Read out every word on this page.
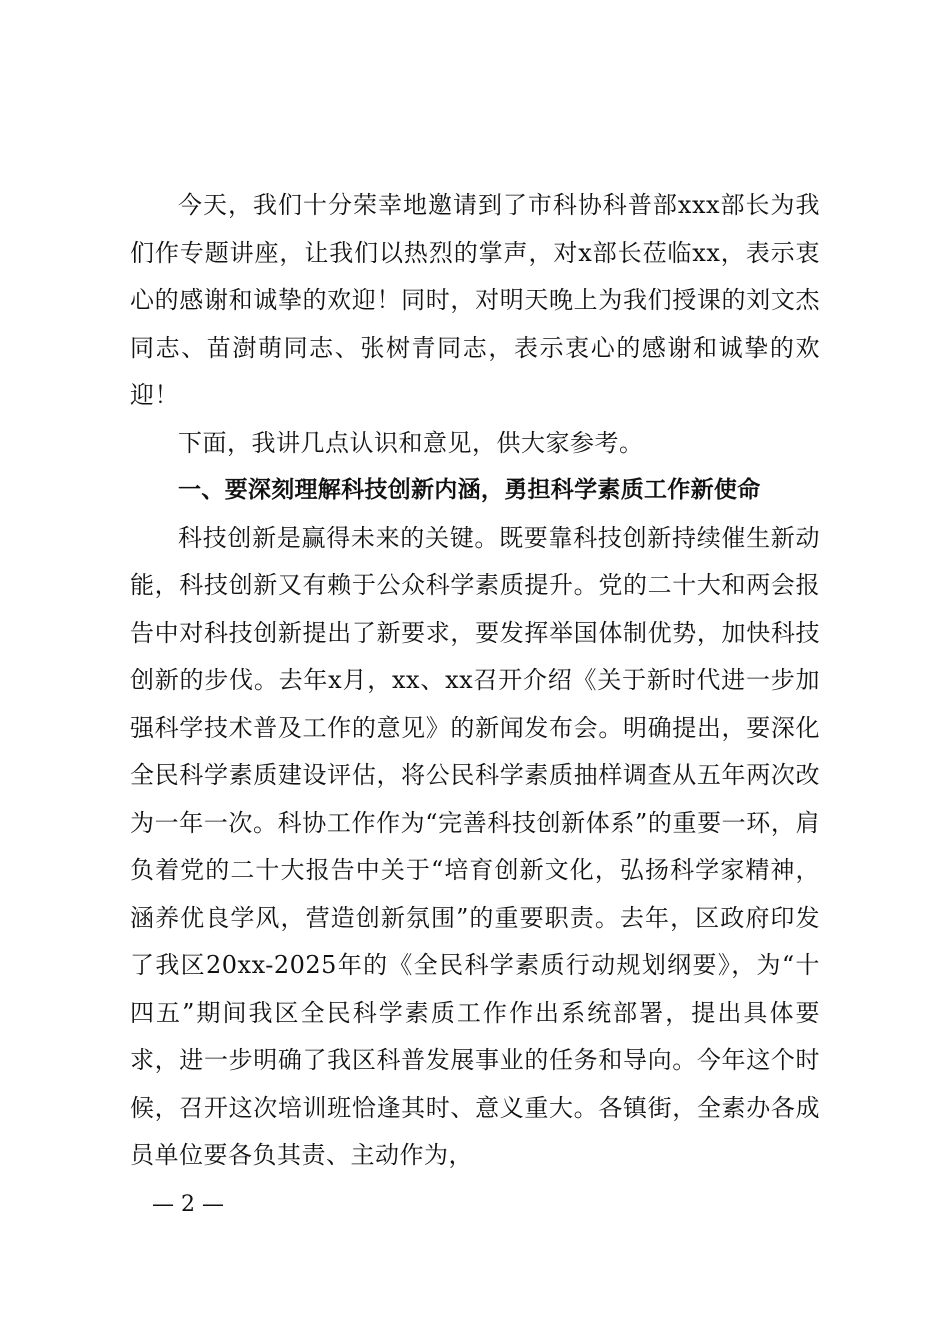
今天，我们十分荣幸地邀请到了市科协科普部xxx部长为我们作专题讲座，让我们以热烈的掌声，对x部长莅临xx，表示衷心的感谢和诚挚的欢迎！同时，对明天晚上为我们授课的刘文杰同志、苗澍萌同志、张树青同志，表示衷心的感谢和诚挚的欢迎！

下面，我讲几点认识和意见，供大家参考。

一、要深刻理解科技创新内涵，勇担科学素质工作新使命

科技创新是赢得未来的关键。既要靠科技创新持续催生新动能，科技创新又有赖于公众科学素质提升。党的二十大和两会报告中对科技创新提出了新要求，要发挥举国体制优势，加快科技创新的步伐。去年x月，xx、xx召开介绍《关于新时代进一步加强科学技术普及工作的意见》的新闻发布会。明确提出，要深化全民科学素质建设评估，将公民科学素质抽样调查从五年两次改为一年一次。科协工作作为“完善科技创新体系”的重要一环，肩负着党的二十大报告中关于“培育创新文化，弘扬科学家精神，涵养优良学风，营造创新氛围”的重要职责。去年，区政府印发了我区20xx-2025年的《全民科学素质行动规划纲要》，为“十四五”期间我区全民科学素质工作作出系统部署，提出具体要求，进一步明确了我区科普发展事业的任务和导向。今年这个时候，召开这次培训班恰逢其时、意义重大。各镇街，全素办各成员单位要各负其责、主动作为，

— 2 —
